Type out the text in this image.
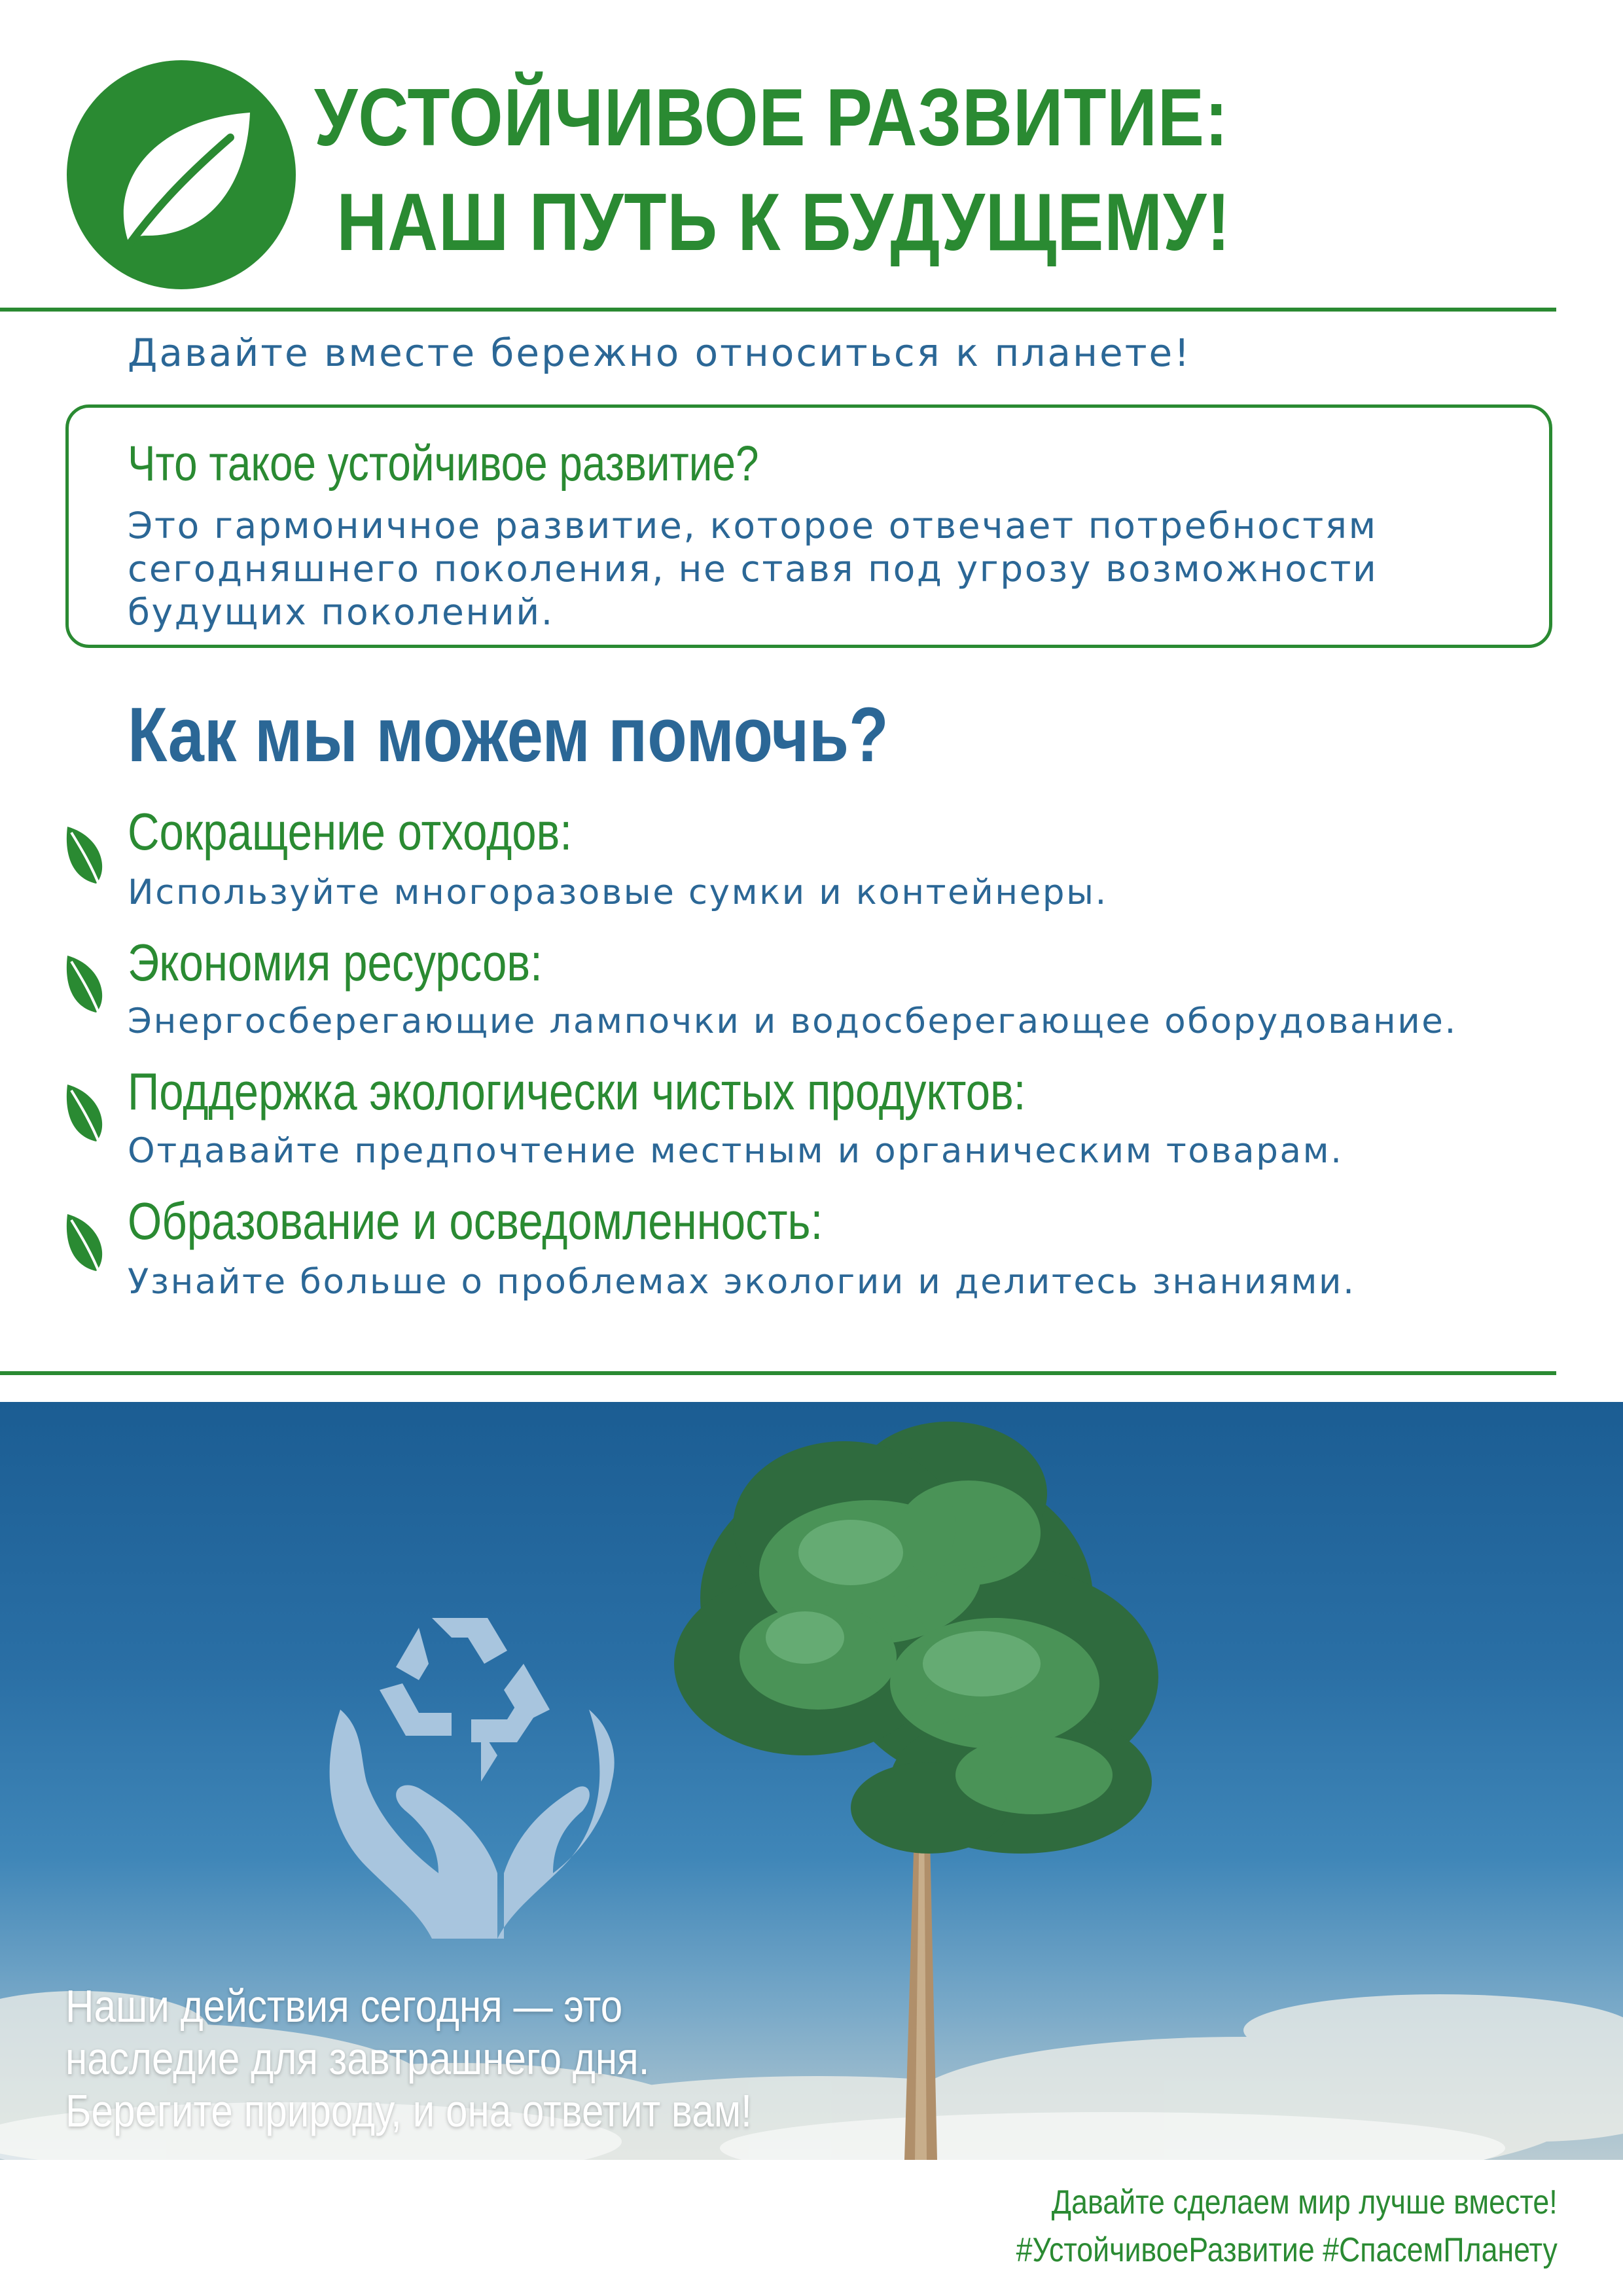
УСТОЙЧИВОЕ РАЗВИТИЕ:
НАШ ПУТЬ К БУДУЩЕМУ!
Давайте вместе бережно относиться к планете!
Что такое устойчивое развитие?
Это гармоничное развитие, которое отвечает потребностям сегодняшнего поколения, не ставя под угрозу возможности будущих поколений.
Как мы можем помочь?
Сокращение отходов:
Используйте многоразовые сумки и контейнеры.
Экономия ресурсов:
Энергосберегающие лампочки и водосберегающее оборудование.
Поддержка экологически чистых продуктов:
Отдавайте предпочтение местным и органическим товарам.
Образование и осведомленность:
Узнайте больше о проблемах экологии и делитесь знаниями.
Наши действия сегодня — это
наследие для завтрашнего дня.
Берегите природу, и она ответит вам!
Давайте сделаем мир лучше вместе!
#УстойчивоеРазвитие #СпасемПланету
